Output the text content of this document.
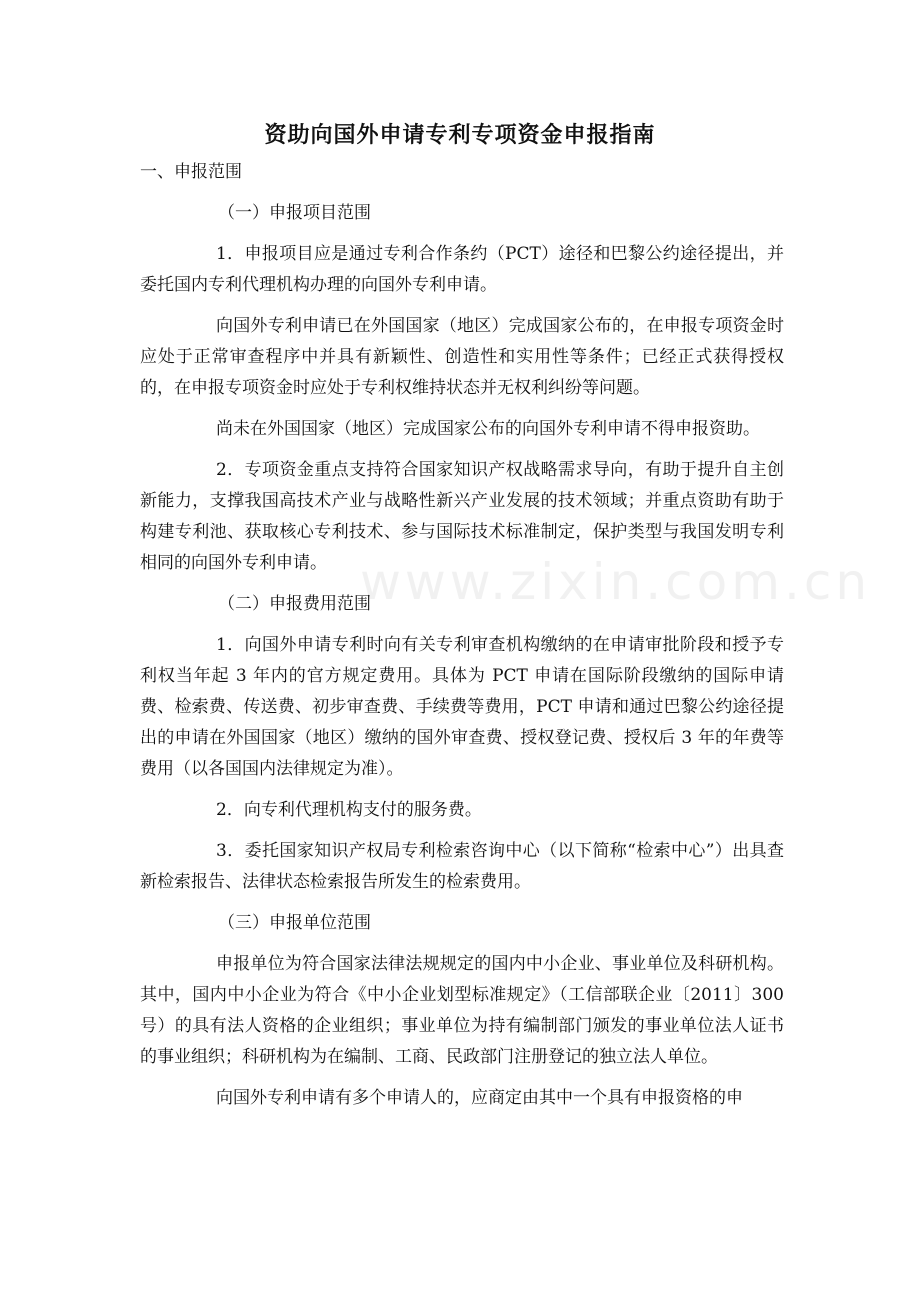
www.zixin.com.cn
资助向国外申请专利专项资金申报指南

一、申报范围

（一）申报项目范围

1．申报项目应是通过专利合作条约（PCT）途径和巴黎公约途径提出，并委托国内专利代理机构办理的向国外专利申请。

向国外专利申请已在外国国家（地区）完成国家公布的，在申报专项资金时应处于正常审查程序中并具有新颖性、创造性和实用性等条件；已经正式获得授权的，在申报专项资金时应处于专利权维持状态并无权利纠纷等问题。

尚未在外国国家（地区）完成国家公布的向国外专利申请不得申报资助。

2．专项资金重点支持符合国家知识产权战略需求导向，有助于提升自主创新能力，支撑我国高技术产业与战略性新兴产业发展的技术领域；并重点资助有助于构建专利池、获取核心专利技术、参与国际技术标准制定，保护类型与我国发明专利相同的向国外专利申请。

（二）申报费用范围

1．向国外申请专利时向有关专利审查机构缴纳的在申请审批阶段和授予专利权当年起 3 年内的官方规定费用。具体为 PCT 申请在国际阶段缴纳的国际申请费、检索费、传送费、初步审查费、手续费等费用，PCT 申请和通过巴黎公约途径提出的申请在外国国家（地区）缴纳的国外审查费、授权登记费、授权后 3 年的年费等费用（以各国国内法律规定为准）。

2．向专利代理机构支付的服务费。

3．委托国家知识产权局专利检索咨询中心（以下简称“检索中心”）出具查新检索报告、法律状态检索报告所发生的检索费用。

（三）申报单位范围

申报单位为符合国家法律法规规定的国内中小企业、事业单位及科研机构。其中，国内中小企业为符合《中小企业划型标准规定》（工信部联企业〔2011〕300 号）的具有法人资格的企业组织；事业单位为持有编制部门颁发的事业单位法人证书的事业组织；科研机构为在编制、工商、民政部门注册登记的独立法人单位。

向国外专利申请有多个申请人的，应商定由其中一个具有申报资格的申
